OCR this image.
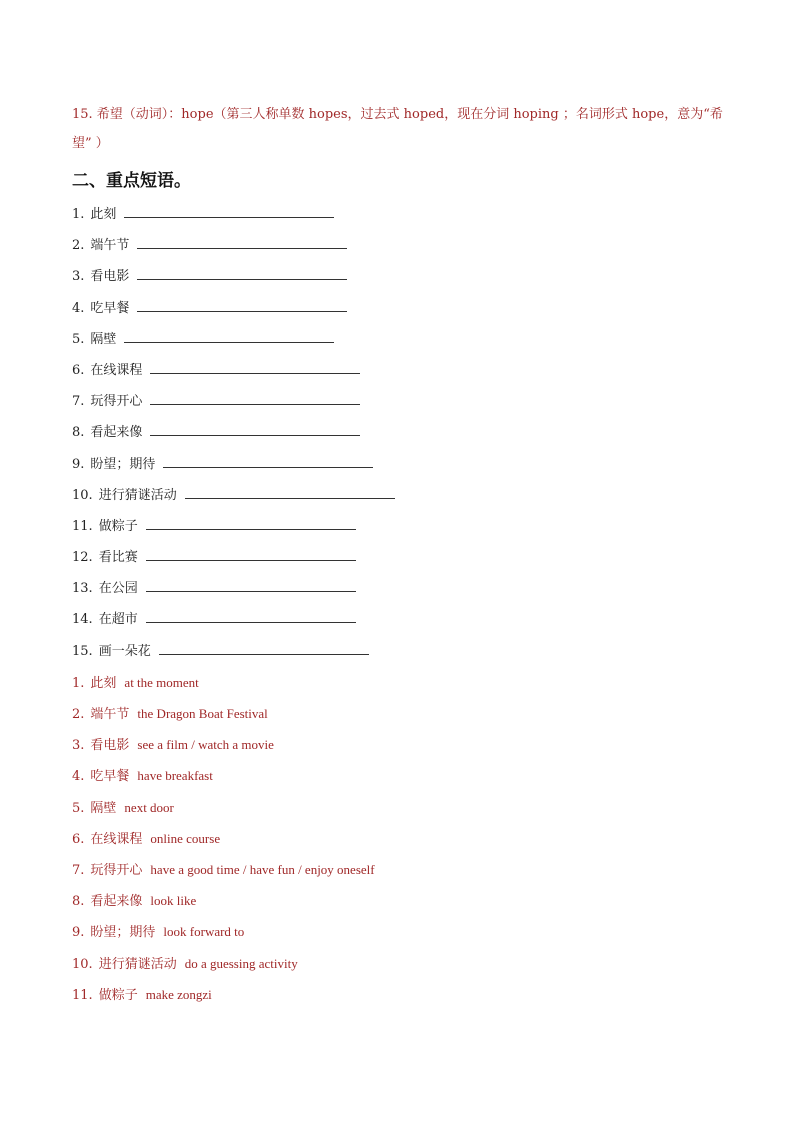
15. 希望（动词）：hope（第三人称单数 hopes，过去式 hoped，现在分词 hoping ；名词形式 hope，意为“希望” ）
二、重点短语。
1. 此刻
2. 端午节
3. 看电影
4. 吃早餐
5. 隔壁
6. 在线课程
7. 玩得开心
8. 看起来像
9. 盼望；期待
10. 进行猜谜活动
11. 做粽子
12. 看比赛
13. 在公园
14. 在超市
15. 画一朵花
1. 此刻 at the moment
2. 端午节 the Dragon Boat Festival
3. 看电影 see a film / watch a movie
4. 吃早餐 have breakfast
5. 隔壁 next door
6. 在线课程 online course
7. 玩得开心 have a good time / have fun / enjoy oneself
8. 看起来像 look like
9. 盼望；期待 look forward to
10. 进行猜谜活动 do a guessing activity
11. 做粽子 make zongzi
